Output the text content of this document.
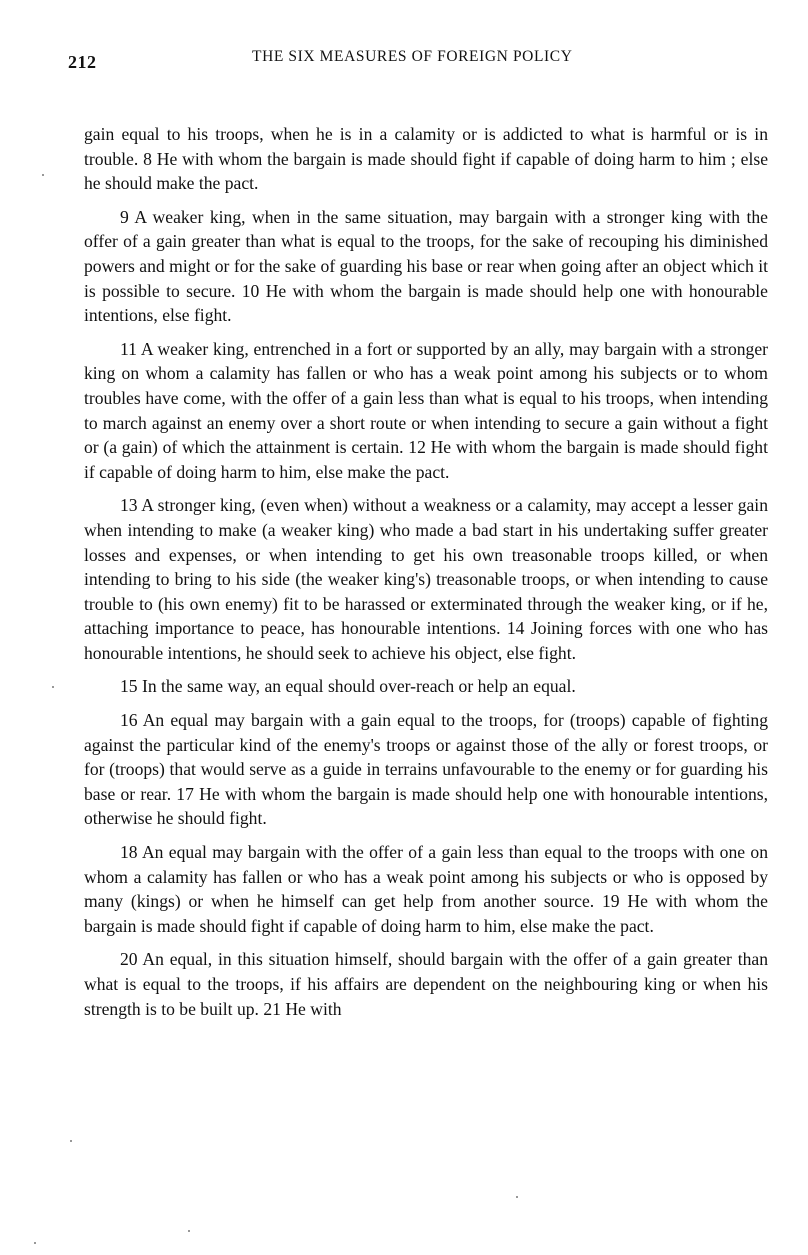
212	THE SIX MEASURES OF FOREIGN POLICY

gain equal to his troops, when he is in a calamity or is addicted to what is harmful or is in trouble. 8 He with whom the bargain is made should fight if capable of doing harm to him ; else he should make the pact.

9 A weaker king, when in the same situation, may bargain with a stronger king with the offer of a gain greater than what is equal to the troops, for the sake of recouping his diminished powers and might or for the sake of guarding his base or rear when going after an object which it is possible to secure. 10 He with whom the bargain is made should help one with honourable intentions, else fight.

11 A weaker king, entrenched in a fort or supported by an ally, may bargain with a stronger king on whom a calamity has fallen or who has a weak point among his subjects or to whom troubles have come, with the offer of a gain less than what is equal to his troops, when intending to march against an enemy over a short route or when intending to secure a gain without a fight or (a gain) of which the attainment is certain. 12 He with whom the bargain is made should fight if capable of doing harm to him, else make the pact.

13 A stronger king, (even when) without a weakness or a calamity, may accept a lesser gain when intending to make (a weaker king) who made a bad start in his undertaking suffer greater losses and expenses, or when intending to get his own treasonable troops killed, or when intending to bring to his side (the weaker king's) treasonable troops, or when intending to cause trouble to (his own enemy) fit to be harassed or exterminated through the weaker king, or if he, attaching importance to peace, has honourable intentions. 14 Joining forces with one who has honourable intentions, he should seek to achieve his object, else fight.

15 In the same way, an equal should over-reach or help an equal.

16 An equal may bargain with a gain equal to the troops, for (troops) capable of fighting against the particular kind of the enemy's troops or against those of the ally or forest troops, or for (troops) that would serve as a guide in terrains unfavourable to the enemy or for guarding his base or rear. 17 He with whom the bargain is made should help one with honourable intentions, otherwise he should fight.

18 An equal may bargain with the offer of a gain less than equal to the troops with one on whom a calamity has fallen or who has a weak point among his subjects or who is opposed by many (kings) or when he himself can get help from another source. 19 He with whom the bargain is made should fight if capable of doing harm to him, else make the pact.

20 An equal, in this situation himself, should bargain with the offer of a gain greater than what is equal to the troops, if his affairs are dependent on the neighbouring king or when his strength is to be built up. 21 He with
